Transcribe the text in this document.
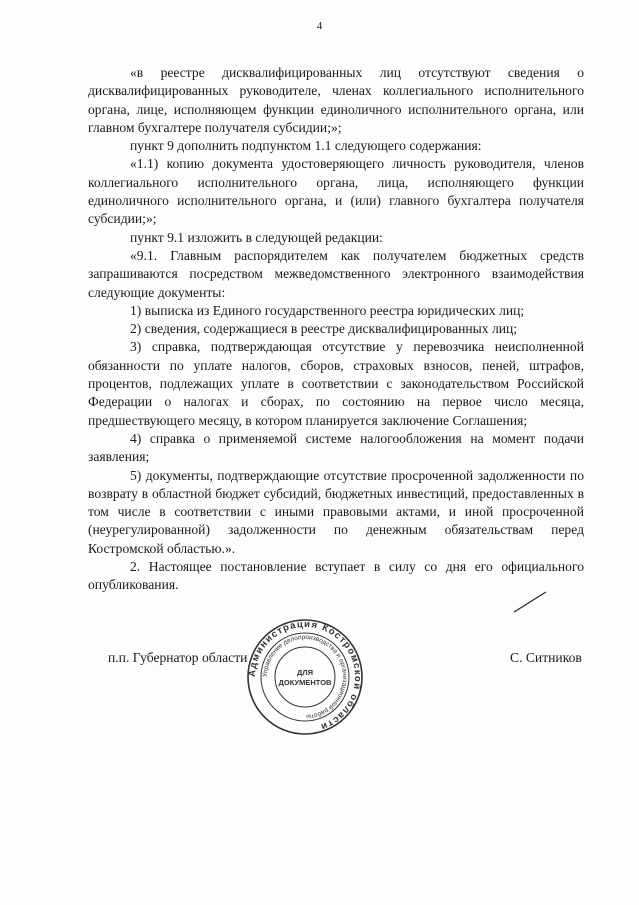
4

«в реестре дисквалифицированных лиц отсутствуют сведения о дисквалифицированных руководителе, членах коллегиального исполнительного органа, лице, исполняющем функции единоличного исполнительного органа, или главном бухгалтере получателя субсидии;»;

пункт 9 дополнить подпунктом 1.1 следующего содержания:

«1.1) копию документа удостоверяющего личность руководителя, членов коллегиального исполнительного органа, лица, исполняющего функции единоличного исполнительного органа, и (или) главного бухгалтера получателя субсидии;»;

пункт 9.1 изложить в следующей редакции:

«9.1. Главным распорядителем как получателем бюджетных средств запрашиваются посредством межведомственного электронного взаимодействия следующие документы:

1) выписка из Единого государственного реестра юридических лиц;

2) сведения, содержащиеся в реестре дисквалифицированных лиц;

3) справка, подтверждающая отсутствие у перевозчика неисполненной обязанности по уплате налогов, сборов, страховых взносов, пеней, штрафов, процентов, подлежащих уплате в соответствии с законодательством Российской Федерации о налогах и сборах, по состоянию на первое число месяца, предшествующего месяцу, в котором планируется заключение Соглашения;

4) справка о применяемой системе налогообложения на момент подачи заявления;

5) документы, подтверждающие отсутствие просроченной задолженности по возврату в областной бюджет субсидий, бюджетных инвестиций, предоставленных в том числе в соответствии с иными правовыми актами, и иной просроченной (неурегулированной) задолженности по денежным обязательствам перед Костромской областью.».

2. Настоящее постановление вступает в силу со дня его официального опубликования.

п.п. Губернатор области	С. Ситников
Администрация Костромской области
Управление делопроизводства и организационной работы
ДЛЯ
ДОКУМЕНТОВ
